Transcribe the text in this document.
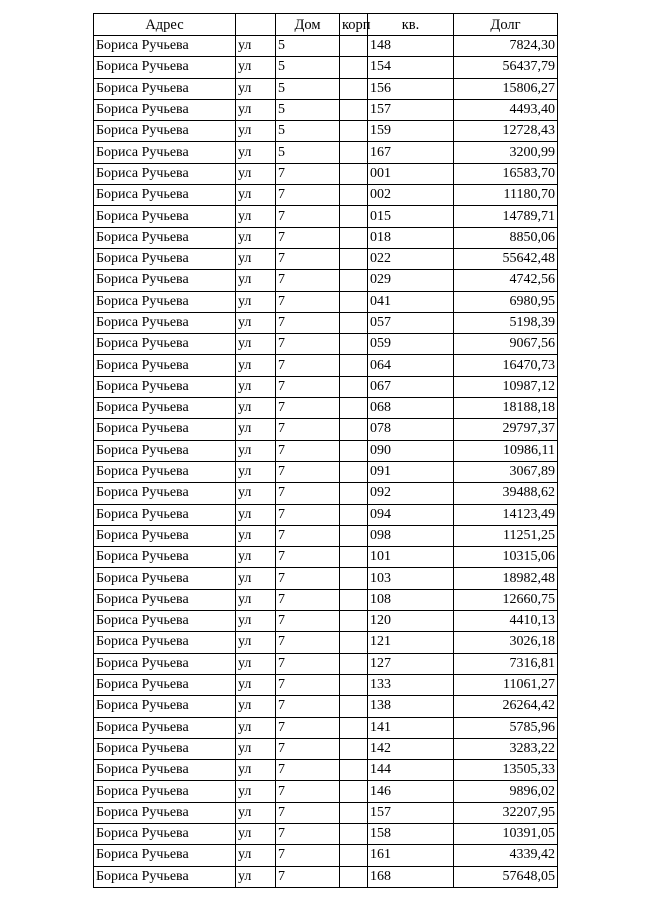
Адрес		Дом	корп	кв.	Долг
Бориса Ручьева	ул	5		148	7824,30
Бориса Ручьева	ул	5		154	56437,79
Бориса Ручьева	ул	5		156	15806,27
Бориса Ручьева	ул	5		157	4493,40
Бориса Ручьева	ул	5		159	12728,43
Бориса Ручьева	ул	5		167	3200,99
Бориса Ручьева	ул	7		001	16583,70
Бориса Ручьева	ул	7		002	11180,70
Бориса Ручьева	ул	7		015	14789,71
Бориса Ручьева	ул	7		018	8850,06
Бориса Ручьева	ул	7		022	55642,48
Бориса Ручьева	ул	7		029	4742,56
Бориса Ручьева	ул	7		041	6980,95
Бориса Ручьева	ул	7		057	5198,39
Бориса Ручьева	ул	7		059	9067,56
Бориса Ручьева	ул	7		064	16470,73
Бориса Ручьева	ул	7		067	10987,12
Бориса Ручьева	ул	7		068	18188,18
Бориса Ручьева	ул	7		078	29797,37
Бориса Ручьева	ул	7		090	10986,11
Бориса Ручьева	ул	7		091	3067,89
Бориса Ручьева	ул	7		092	39488,62
Бориса Ручьева	ул	7		094	14123,49
Бориса Ручьева	ул	7		098	11251,25
Бориса Ручьева	ул	7		101	10315,06
Бориса Ручьева	ул	7		103	18982,48
Бориса Ручьева	ул	7		108	12660,75
Бориса Ручьева	ул	7		120	4410,13
Бориса Ручьева	ул	7		121	3026,18
Бориса Ручьева	ул	7		127	7316,81
Бориса Ручьева	ул	7		133	11061,27
Бориса Ручьева	ул	7		138	26264,42
Бориса Ручьева	ул	7		141	5785,96
Бориса Ручьева	ул	7		142	3283,22
Бориса Ручьева	ул	7		144	13505,33
Бориса Ручьева	ул	7		146	9896,02
Бориса Ручьева	ул	7		157	32207,95
Бориса Ручьева	ул	7		158	10391,05
Бориса Ручьева	ул	7		161	4339,42
Бориса Ручьева	ул	7		168	57648,05
